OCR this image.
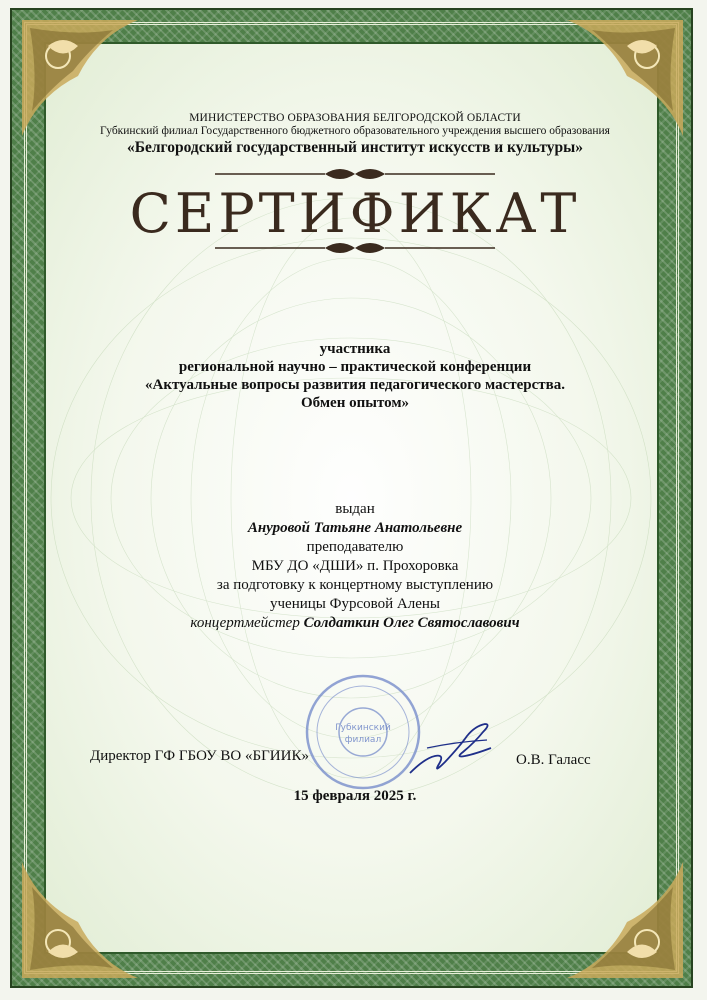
МИНИСТЕРСТВО ОБРАЗОВАНИЯ БЕЛГОРОДСКОЙ ОБЛАСТИ
Губкинский филиал Государственного бюджетного образовательного учреждения высшего образования
«Белгородский государственный институт искусств и культуры»
СЕРТИФИКАТ
участника
региональной научно – практической конференции
«Актуальные вопросы развития педагогического мастерства.
Обмен опытом»
выдан
Ануровой Татьяне Анатольевне
преподавателю
МБУ ДО «ДШИ» п. Прохоровка
за подготовку к концертному выступлению
ученицы Фурсовой Алены
концертмейстер Солдаткин Олег Святославович
Губкинский
филиал
Директор ГФ ГБОУ ВО «БГИИК»	О.В. Галасс
15 февраля 2025 г.
